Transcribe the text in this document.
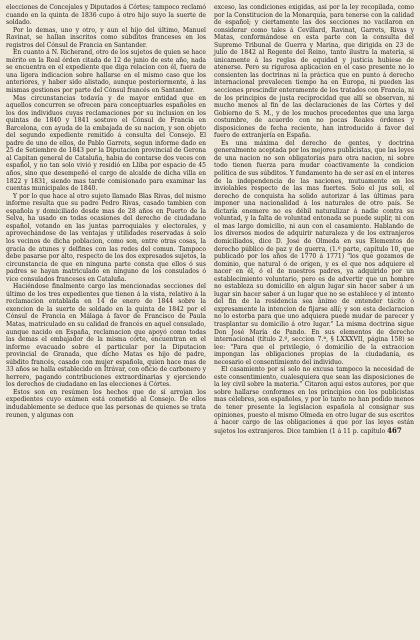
elecciones de Concejales y Diputados á Córtes; tampoco reclamó cuando en la quinta de 1836 cupo á otro hijo suyo la suerte de soldado.

Por lo demas, uno y otro, y aun el hijo del último, Manuel Ravinat, se hallan inscritos como súbditos franceses en los registros del Cónsul de Francia en Santander.

En cuanto á N. Richerand, otro de los sujetos de quien se hace mérito en la Real órden citada de 12 de junio de este año, nada se encuentra en el expediente que diga relacion con él, fuera de una ligera indicacion sobre hallarse en el mismo caso que los anteriores, y haber sido alistado, aunque posteriormente, á las mismas gestiones por parte del Cónsul francés en Santander.

Mas circunstancias todavía y de mayor entidad que en aquellos concurren se ofrecen para conceptuarles españoles en los dos individuos cuyas reclamaciones por su inclusion en los quintas de 1840 y 1841 sostuvo el Cónsul de Francia en Barcelona, con ayuda de la embajada de su nacion, y son objeto del segundo expediente remitido á consulta del Consejo. El padre de uno de ellos, de Pablo Garrets, segun informe dado en 25 de Setiembre de 1843 por la Diputacion provincial de Gerona al Capitan general de Cataluña, habia de contarse dos veces con español, y no tan solo vivió y residió en Lliba por espacio de 45 años, sino que desempeñó el cargo de alcalde de dicha villa en 1822 y 1831, siendo mas tarde comisionado para examinar las cuentas municipales de 1840.

Y por lo que hace al otro sujeto llamado Blas Rivas, del mismo informe resulta que su padre Pedro Rivas, casado tambien con española y domiciliado desde mas de 28 años en Puerto de la Selva, ha usado en todas ocasiones del derecho de ciudadano español, votando en las juntas parroquiales y electorales, y aprovechándose de las ventajas y utilidades reservadas á solo los vecinos de dicha poblacion, como son, entre otras cosas, la gracia de atunes y delfines con las redes del comun. Tampoco debe pasarse por alto, respecto de los dos expresados sujetos, la circunstancia de que en ninguna parte consta que ellos ó sus padres se hayan matriculado en ninguno de los consulados ó vice consulados franceses en Cataluña.

Haciéndose finalmente cargo las mencionadas secciones del último de los tres expedientes que tienen á la vista, relativo á la reclamacion entablada en 14 de enero de 1844 sobre la exencion de la suerte de soldado en la quinta de 1842 por el Cónsul de Francia en Málaga á favor de Francisco de Paula Matas, matriculado en su calidad de francés en aquel consulado, aunque nacido en España, reclamacion que apoyó como todas las demas el embajador de la misma córte, encuentran en el informe evacuado sobre el particular por la Diputacion provincial de Granada, que dicho Matas es hijo de padre, súbdito francés, casado con mujer española, quien hace mas de 33 años se halla establecido en Ítrávar, con oficio de carbonero y herrero, pagando contribuciones extraordinarias y ejerciendo los derechos de ciudadano en las elecciones á Córtes.

Estos son en resúmen los hechos que de sí arrojan los expedientes cuyo exámen está cometido al Consejo. De ellos indudablemente se deduce que las personas de quienes se trata reunen, y algunas con

exceso, las condiciones exigidas, asi por la ley recopilada, como por la Constitucion de la Monarquía, para tenerse con la calidad de español; y ciertamente las dos secciones no vacilaron en considerar como tales á Cevillard, Ravinat, Garrets, Rivas y Matas, conformándose en esta parte con la consulta del Supremo Tribunal de Guerra y Marina, que dirigida en 23 de julio de 1842 al Regente del Reino, tanto ilustra la materia, si únicamente á las reglas de equidad y justicia hubiese de atenerse. Pero su rigurosa aplicacion en el caso presente no lo consienten las doctrinas ni la práctica que en punto á derecho internacional prevalecen tiempo ha en Europa, ni pueden las secciones prescindir enteramente de los tratados con Francia, ni de los principios de justa reciprocidad que allí se observan, ni mucho menos al fin de las declaraciones de las Córtes y del Gobierno de S. M., y de los muchos precedentes que una larga costumbre, de acuerdo con no pocas Reales órdenes y disposiciones de fecha reciente, han introducido á favor del fuero de extranjería en España.

Es una máxima del derecho de gentes, y doctrina generalmente aceptada por los mejores publicistas, que las leyes de una nacion no son obligatorias para otra nacion, ni sobre todo tienen fuerza para mudar coactivamente la condicion política de sus súbditos. Y fundamento ha de ser así en el interes de la independencia de las naciones, mutuamente en los inviolables respecto de las mas fuertes. Solo el jus soli, el derecho de conquista ha solido autorizar á las últimas para imponer una nacionalidad á los naturales de otro país. Se dictaría enemere no es débil naturalizar á nadie contra su voluntad, y la falta de voluntad entonada se puede suplir, ni con el mas largo domicilio, ni aun con el casamiento. Hablando de los diversos modos de adquirir naturaleza y de los extranjeros domiciliados, dice D. José de Olmeda en sus Elementos de derecho público de paz y de guerra, (1.º parte, capítulo 10, que publicado por los años de 1770 á 1771) "los que gozamos de dominio, que natural ó de origen, y es el que nos adquiere el nacer en él, ó el de nuestros padres, ya adquirido por un establecimiento voluntario, pero es de advertir que un hombre no estableza su domicilio en algun lugar sin hacer saber á un lugar sin hacer saber á un lugar que no se establece y el intento del fin de la residencia sea ánimo de entender tácito ó expresamente la intencion de fijarse allí; y son esta declaracion no lo estorba para que uno adquiera puede mudar de parecer y trasplantar su domicilio á otro lugar." La misma doctrina sigue Don José María de Pando. En sus elementos de derecho internacional (título 2.º, seccion 7.ª, § LXXXVII, página 158) se lee: "Para que el privilegio, ó domicilio de la extraccion impongan las obligaciones propias de la ciudadanía, es necesario el consentimiento del individuo.

El casamiento por sí solo no excusa tampoco la necesidad de este consentimiento, cualesquiera que sean las disposiciones de la ley civil sobre la materia." Citaron aqui estos autores, por que sobre hallarse conformes en los principios con los publicistas mas célebres, son españoles, y por lo tanto no han podido menos de tener presente la legislacion española al consignar sus opiniones, puesto el mismo Olmeda en otro lugar de sus escritos á hacer cargo de las obligaciones á que por las leyes están sujetos los extranjeros. Dice tambien (1 á 11 p. capítulo 467
